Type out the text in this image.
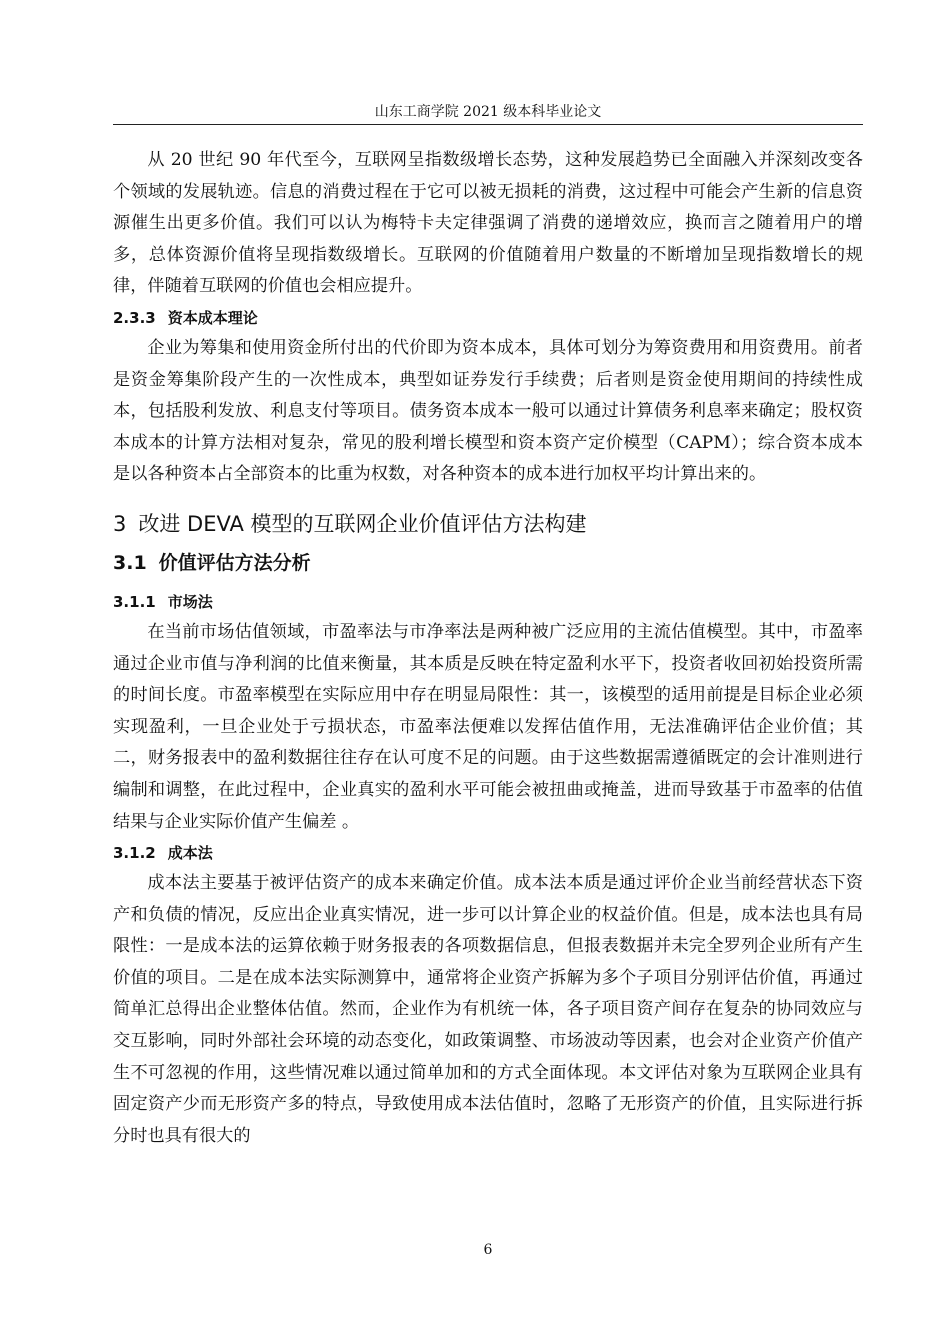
山东工商学院 2021 级本科毕业论文

从 20 世纪 90 年代至今，互联网呈指数级增长态势，这种发展趋势已全面融入并深刻改变各个领域的发展轨迹。信息的消费过程在于它可以被无损耗的消费，这过程中可能会产生新的信息资源催生出更多价值。我们可以认为梅特卡夫定律强调了消费的递增效应，换而言之随着用户的增多，总体资源价值将呈现指数级增长。互联网的价值随着用户数量的不断增加呈现指数增长的规律，伴随着互联网的价值也会相应提升。

2.3.3 资本成本理论

企业为筹集和使用资金所付出的代价即为资本成本，具体可划分为筹资费用和用资费用。前者是资金筹集阶段产生的一次性成本，典型如证券发行手续费；后者则是资金使用期间的持续性成本，包括股利发放、利息支付等项目。债务资本成本一般可以通过计算债务利息率来确定；股权资本成本的计算方法相对复杂，常见的股利增长模型和资本资产定价模型（CAPM）；综合资本成本是以各种资本占全部资本的比重为权数，对各种资本的成本进行加权平均计算出来的。

3 改进 DEVA 模型的互联网企业价值评估方法构建
3.1 价值评估方法分析
3.1.1 市场法

在当前市场估值领域，市盈率法与市净率法是两种被广泛应用的主流估值模型。其中，市盈率通过企业市值与净利润的比值来衡量，其本质是反映在特定盈利水平下，投资者收回初始投资所需的时间长度。市盈率模型在实际应用中存在明显局限性：其一，该模型的适用前提是目标企业必须实现盈利，一旦企业处于亏损状态，市盈率法便难以发挥估值作用，无法准确评估企业价值；其二，财务报表中的盈利数据往往存在认可度不足的问题。由于这些数据需遵循既定的会计准则进行编制和调整，在此过程中，企业真实的盈利水平可能会被扭曲或掩盖，进而导致基于市盈率的估值结果与企业实际价值产生偏差 。

3.1.2 成本法

成本法主要基于被评估资产的成本来确定价值。成本法本质是通过评价企业当前经营状态下资产和负债的情况，反应出企业真实情况，进一步可以计算企业的权益价值。但是，成本法也具有局限性：一是成本法的运算依赖于财务报表的各项数据信息，但报表数据并未完全罗列企业所有产生价值的项目。二是在成本法实际测算中，通常将企业资产拆解为多个子项目分别评估价值，再通过简单汇总得出企业整体估值。然而，企业作为有机统一体，各子项目资产间存在复杂的协同效应与交互影响，同时外部社会环境的动态变化，如政策调整、市场波动等因素，也会对企业资产价值产生不可忽视的作用，这些情况难以通过简单加和的方式全面体现。本文评估对象为互联网企业具有固定资产少而无形资产多的特点，导致使用成本法估值时，忽略了无形资产的价值，且实际进行拆分时也具有很大的

6
